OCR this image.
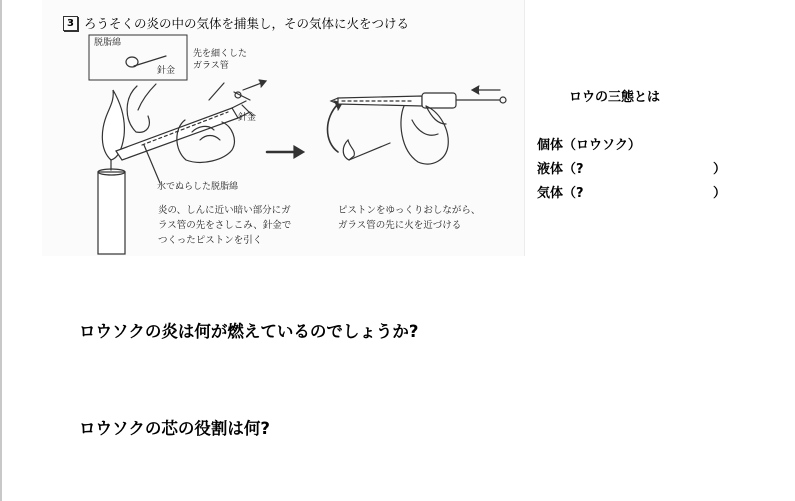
3 ろうそくの炎の中の気体を捕集し，その気体に火をつける
脱脂綿
針金
先を細くした
ガラス管
針金
水でぬらした脱脂綿
炎の、しんに近い暗い部分にガ
ラス管の先をさしこみ、針金で
つくったピストンを引く
ピストンをゆっくりおしながら、
ガラス管の先に火を近づける
ロウの三態とは
個体（ロウソク）
液体（?	）
気体（?	）
ロウソクの炎は何が燃えているのでしょうか?
ロウソクの芯の役割は何?
